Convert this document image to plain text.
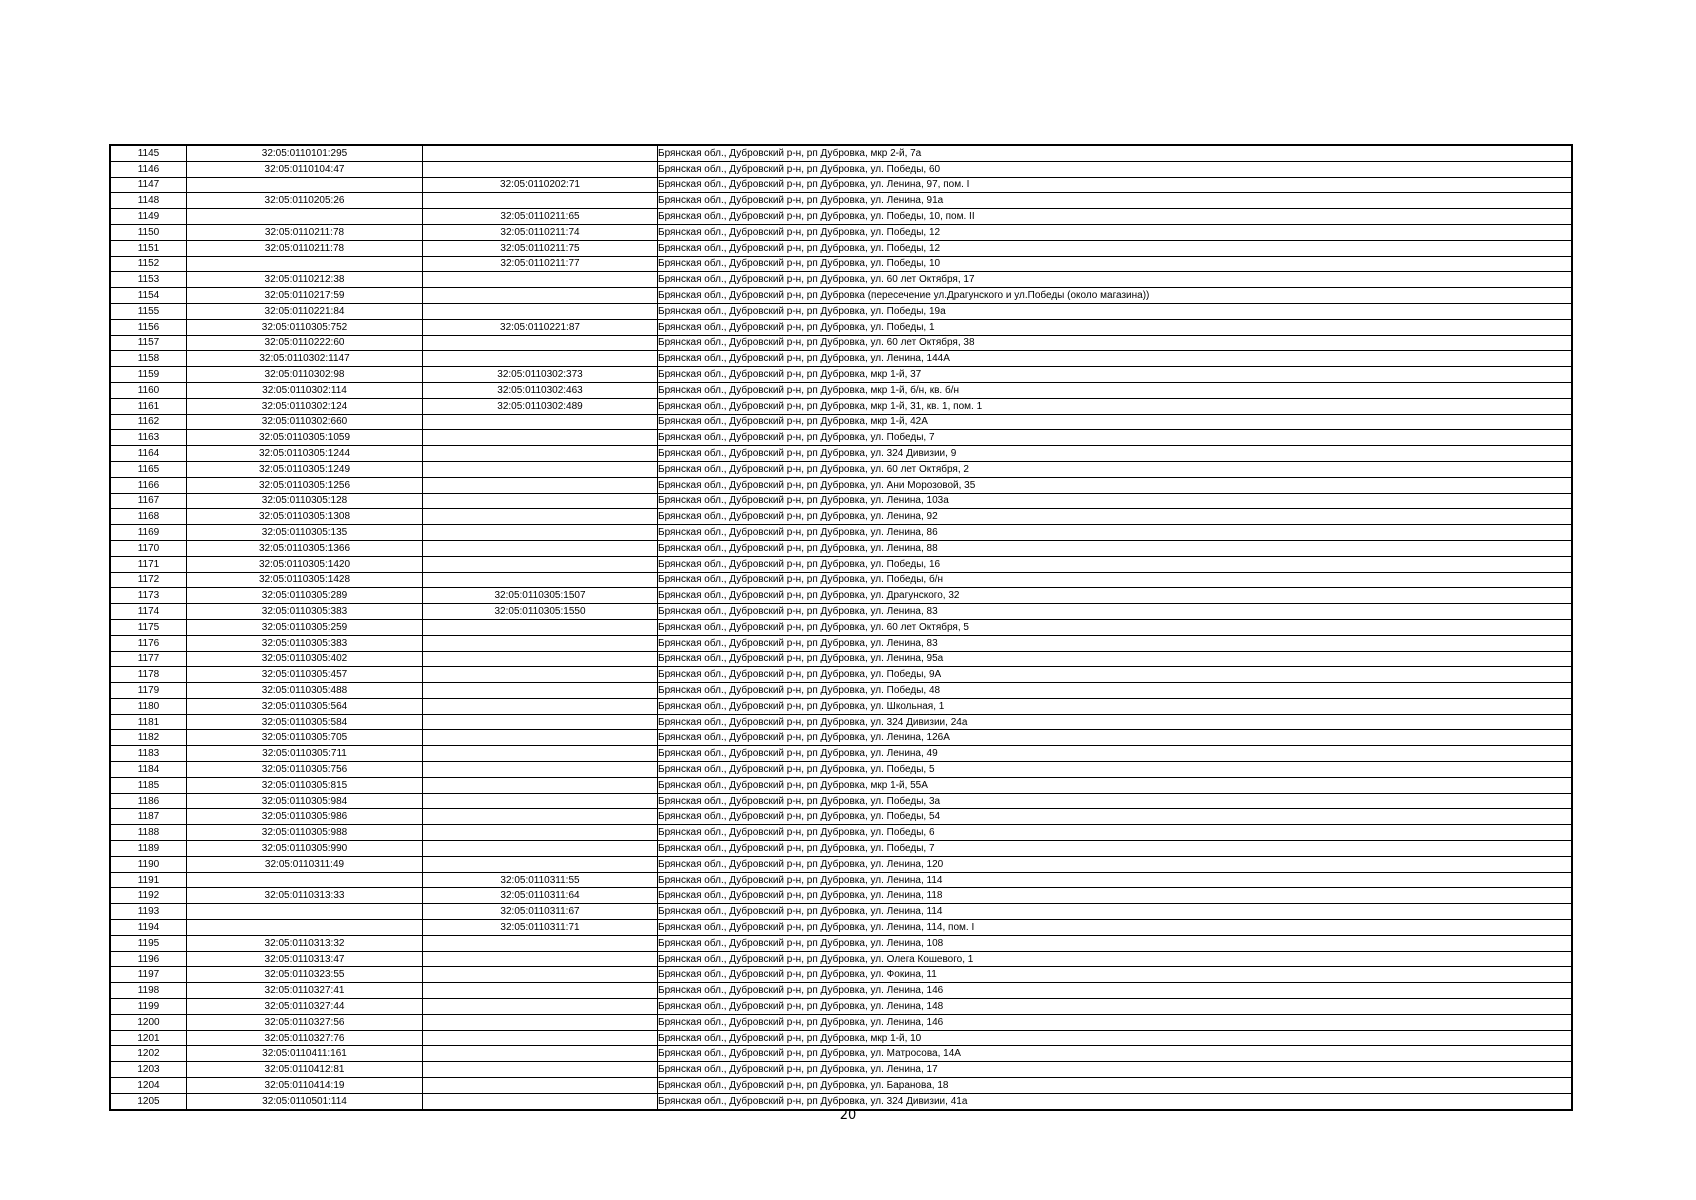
1145	32:05:0110101:295		Брянская обл., Дубровский р-н, рп Дубровка, мкр 2-й, 7а
1146	32:05:0110104:47		Брянская обл., Дубровский р-н, рп Дубровка, ул. Победы, 60
1147		32:05:0110202:71	Брянская обл., Дубровский р-н, рп Дубровка, ул. Ленина, 97, пом. I
1148	32:05:0110205:26		Брянская обл., Дубровский р-н, рп Дубровка, ул. Ленина, 91а
1149		32:05:0110211:65	Брянская обл., Дубровский р-н, рп Дубровка, ул. Победы, 10, пом. II
1150	32:05:0110211:78	32:05:0110211:74	Брянская обл., Дубровский р-н, рп Дубровка, ул. Победы, 12
1151	32:05:0110211:78	32:05:0110211:75	Брянская обл., Дубровский р-н, рп Дубровка, ул. Победы, 12
1152		32:05:0110211:77	Брянская обл., Дубровский р-н, рп Дубровка, ул. Победы, 10
1153	32:05:0110212:38		Брянская обл., Дубровский р-н, рп Дубровка, ул. 60 лет Октября, 17
1154	32:05:0110217:59		Брянская обл., Дубровский р-н, рп Дубровка (пересечение ул.Драгунского и ул.Победы (около магазина))
1155	32:05:0110221:84		Брянская обл., Дубровский р-н, рп Дубровка, ул. Победы, 19а
1156	32:05:0110305:752	32:05:0110221:87	Брянская обл., Дубровский р-н, рп Дубровка, ул. Победы, 1
1157	32:05:0110222:60		Брянская обл., Дубровский р-н, рп Дубровка, ул. 60 лет Октября, 38
1158	32:05:0110302:1147		Брянская обл., Дубровский р-н, рп Дубровка, ул. Ленина, 144А
1159	32:05:0110302:98	32:05:0110302:373	Брянская обл., Дубровский р-н, рп Дубровка, мкр 1-й, 37
1160	32:05:0110302:114	32:05:0110302:463	Брянская обл., Дубровский р-н, рп Дубровка, мкр 1-й, б/н, кв. б/н
1161	32:05:0110302:124	32:05:0110302:489	Брянская обл., Дубровский р-н, рп Дубровка, мкр 1-й, 31, кв. 1, пом. 1
1162	32:05:0110302:660		Брянская обл., Дубровский р-н, рп Дубровка, мкр 1-й, 42А
1163	32:05:0110305:1059		Брянская обл., Дубровский р-н, рп Дубровка, ул. Победы, 7
1164	32:05:0110305:1244		Брянская обл., Дубровский р-н, рп Дубровка, ул. 324 Дивизии, 9
1165	32:05:0110305:1249		Брянская обл., Дубровский р-н, рп Дубровка, ул. 60 лет Октября, 2
1166	32:05:0110305:1256		Брянская обл., Дубровский р-н, рп Дубровка, ул. Ани Морозовой, 35
1167	32:05:0110305:128		Брянская обл., Дубровский р-н, рп Дубровка, ул. Ленина, 103а
1168	32:05:0110305:1308		Брянская обл., Дубровский р-н, рп Дубровка, ул. Ленина, 92
1169	32:05:0110305:135		Брянская обл., Дубровский р-н, рп Дубровка, ул. Ленина, 86
1170	32:05:0110305:1366		Брянская обл., Дубровский р-н, рп Дубровка, ул. Ленина, 88
1171	32:05:0110305:1420		Брянская обл., Дубровский р-н, рп Дубровка, ул. Победы, 16
1172	32:05:0110305:1428		Брянская обл., Дубровский р-н, рп Дубровка, ул. Победы, б/н
1173	32:05:0110305:289	32:05:0110305:1507	Брянская обл., Дубровский р-н, рп Дубровка, ул. Драгунского, 32
1174	32:05:0110305:383	32:05:0110305:1550	Брянская обл., Дубровский р-н, рп Дубровка, ул. Ленина, 83
1175	32:05:0110305:259		Брянская обл., Дубровский р-н, рп Дубровка, ул. 60 лет Октября, 5
1176	32:05:0110305:383		Брянская обл., Дубровский р-н, рп Дубровка, ул. Ленина, 83
1177	32:05:0110305:402		Брянская обл., Дубровский р-н, рп Дубровка, ул. Ленина, 95а
1178	32:05:0110305:457		Брянская обл., Дубровский р-н, рп Дубровка, ул. Победы, 9А
1179	32:05:0110305:488		Брянская обл., Дубровский р-н, рп Дубровка, ул. Победы, 48
1180	32:05:0110305:564		Брянская обл., Дубровский р-н, рп Дубровка, ул. Школьная, 1
1181	32:05:0110305:584		Брянская обл., Дубровский р-н, рп Дубровка, ул. 324 Дивизии, 24а
1182	32:05:0110305:705		Брянская обл., Дубровский р-н, рп Дубровка, ул. Ленина, 126А
1183	32:05:0110305:711		Брянская обл., Дубровский р-н, рп Дубровка, ул. Ленина, 49
1184	32:05:0110305:756		Брянская обл., Дубровский р-н, рп Дубровка, ул. Победы, 5
1185	32:05:0110305:815		Брянская обл., Дубровский р-н, рп Дубровка, мкр 1-й, 55А
1186	32:05:0110305:984		Брянская обл., Дубровский р-н, рп Дубровка, ул. Победы, 3а
1187	32:05:0110305:986		Брянская обл., Дубровский р-н, рп Дубровка, ул. Победы, 54
1188	32:05:0110305:988		Брянская обл., Дубровский р-н, рп Дубровка, ул. Победы, 6
1189	32:05:0110305:990		Брянская обл., Дубровский р-н, рп Дубровка, ул. Победы, 7
1190	32:05:0110311:49		Брянская обл., Дубровский р-н, рп Дубровка, ул. Ленина, 120
1191		32:05:0110311:55	Брянская обл., Дубровский р-н, рп Дубровка, ул. Ленина, 114
1192	32:05:0110313:33	32:05:0110311:64	Брянская обл., Дубровский р-н, рп Дубровка, ул. Ленина, 118
1193		32:05:0110311:67	Брянская обл., Дубровский р-н, рп Дубровка, ул. Ленина, 114
1194		32:05:0110311:71	Брянская обл., Дубровский р-н, рп Дубровка, ул. Ленина, 114, пом. I
1195	32:05:0110313:32		Брянская обл., Дубровский р-н, рп Дубровка, ул. Ленина, 108
1196	32:05:0110313:47		Брянская обл., Дубровский р-н, рп Дубровка, ул. Олега Кошевого, 1
1197	32:05:0110323:55		Брянская обл., Дубровский р-н, рп Дубровка, ул. Фокина, 11
1198	32:05:0110327:41		Брянская обл., Дубровский р-н, рп Дубровка, ул. Ленина, 146
1199	32:05:0110327:44		Брянская обл., Дубровский р-н, рп Дубровка, ул. Ленина, 148
1200	32:05:0110327:56		Брянская обл., Дубровский р-н, рп Дубровка, ул. Ленина, 146
1201	32:05:0110327:76		Брянская обл., Дубровский р-н, рп Дубровка, мкр 1-й, 10
1202	32:05:0110411:161		Брянская обл., Дубровский р-н, рп Дубровка, ул. Матросова, 14А
1203	32:05:0110412:81		Брянская обл., Дубровский р-н, рп Дубровка, ул. Ленина, 17
1204	32:05:0110414:19		Брянская обл., Дубровский р-н, рп Дубровка, ул. Баранова, 18
1205	32:05:0110501:114		Брянская обл., Дубровский р-н, рп Дубровка, ул. 324 Дивизии, 41а
20
